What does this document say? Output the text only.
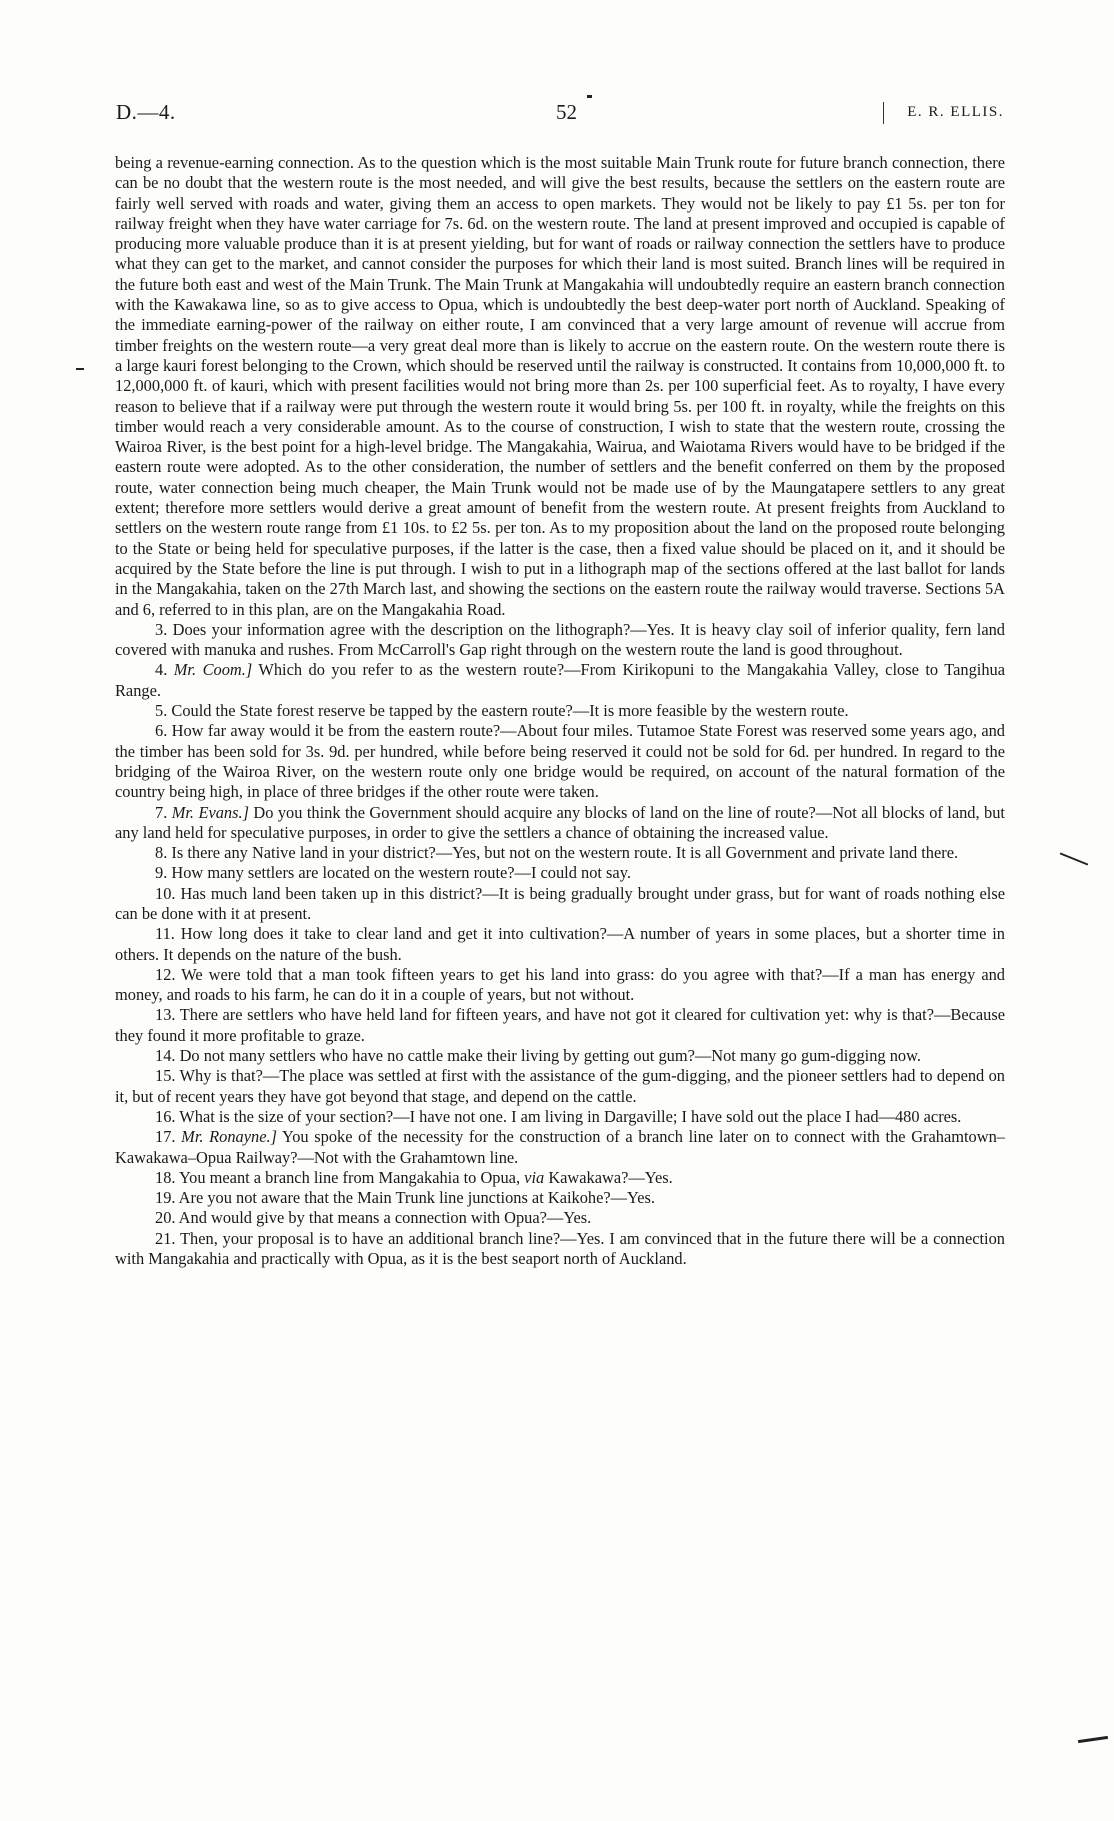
D.—4.	52	E. R. ELLIS.

being a revenue-earning connection. As to the question which is the most suitable Main Trunk route for future branch connection, there can be no doubt that the western route is the most needed, and will give the best results, because the settlers on the eastern route are fairly well served with roads and water, giving them an access to open markets. They would not be likely to pay £1 5s. per ton for railway freight when they have water carriage for 7s. 6d. on the western route. The land at present improved and occupied is capable of producing more valuable produce than it is at present yielding, but for want of roads or railway connection the settlers have to produce what they can get to the market, and cannot consider the purposes for which their land is most suited. Branch lines will be required in the future both east and west of the Main Trunk. The Main Trunk at Mangakahia will undoubtedly require an eastern branch connection with the Kawakawa line, so as to give access to Opua, which is undoubtedly the best deep-water port north of Auckland. Speaking of the immediate earning-power of the railway on either route, I am convinced that a very large amount of revenue will accrue from timber freights on the western route—a very great deal more than is likely to accrue on the eastern route. On the western route there is a large kauri forest belonging to the Crown, which should be reserved until the railway is constructed. It contains from 10,000,000 ft. to 12,000,000 ft. of kauri, which with present facilities would not bring more than 2s. per 100 superficial feet. As to royalty, I have every reason to believe that if a railway were put through the western route it would bring 5s. per 100 ft. in royalty, while the freights on this timber would reach a very considerable amount. As to the course of construction, I wish to state that the western route, crossing the Wairoa River, is the best point for a high-level bridge. The Mangakahia, Wairua, and Waiotama Rivers would have to be bridged if the eastern route were adopted. As to the other consideration, the number of settlers and the benefit conferred on them by the proposed route, water connection being much cheaper, the Main Trunk would not be made use of by the Maungatapere settlers to any great extent; therefore more settlers would derive a great amount of benefit from the western route. At present freights from Auckland to settlers on the western route range from £1 10s. to £2 5s. per ton. As to my proposition about the land on the proposed route belonging to the State or being held for speculative purposes, if the latter is the case, then a fixed value should be placed on it, and it should be acquired by the State before the line is put through. I wish to put in a lithograph map of the sections offered at the last ballot for lands in the Mangakahia, taken on the 27th March last, and showing the sections on the eastern route the railway would traverse. Sections 5A and 6, referred to in this plan, are on the Mangakahia Road.

3. Does your information agree with the description on the lithograph?—Yes. It is heavy clay soil of inferior quality, fern land covered with manuka and rushes. From McCarroll's Gap right through on the western route the land is good throughout.

4. Mr. Coom.] Which do you refer to as the western route?—From Kirikopuni to the Mangakahia Valley, close to Tangihua Range.

5. Could the State forest reserve be tapped by the eastern route?—It is more feasible by the western route.

6. How far away would it be from the eastern route?—About four miles. Tutamoe State Forest was reserved some years ago, and the timber has been sold for 3s. 9d. per hundred, while before being reserved it could not be sold for 6d. per hundred. In regard to the bridging of the Wairoa River, on the western route only one bridge would be required, on account of the natural formation of the country being high, in place of three bridges if the other route were taken.

7. Mr. Evans.] Do you think the Government should acquire any blocks of land on the line of route?—Not all blocks of land, but any land held for speculative purposes, in order to give the settlers a chance of obtaining the increased value.

8. Is there any Native land in your district?—Yes, but not on the western route. It is all Government and private land there.

9. How many settlers are located on the western route?—I could not say.

10. Has much land been taken up in this district?—It is being gradually brought under grass, but for want of roads nothing else can be done with it at present.

11. How long does it take to clear land and get it into cultivation?—A number of years in some places, but a shorter time in others. It depends on the nature of the bush.

12. We were told that a man took fifteen years to get his land into grass: do you agree with that?—If a man has energy and money, and roads to his farm, he can do it in a couple of years, but not without.

13. There are settlers who have held land for fifteen years, and have not got it cleared for cultivation yet: why is that?—Because they found it more profitable to graze.

14. Do not many settlers who have no cattle make their living by getting out gum?—Not many go gum-digging now.

15. Why is that?—The place was settled at first with the assistance of the gum-digging, and the pioneer settlers had to depend on it, but of recent years they have got beyond that stage, and depend on the cattle.

16. What is the size of your section?—I have not one. I am living in Dargaville; I have sold out the place I had—480 acres.

17. Mr. Ronayne.] You spoke of the necessity for the construction of a branch line later on to connect with the Grahamtown–Kawakawa–Opua Railway?—Not with the Grahamtown line.

18. You meant a branch line from Mangakahia to Opua, via Kawakawa?—Yes.

19. Are you not aware that the Main Trunk line junctions at Kaikohe?—Yes.

20. And would give by that means a connection with Opua?—Yes.

21. Then, your proposal is to have an additional branch line?—Yes. I am convinced that in the future there will be a connection with Mangakahia and practically with Opua, as it is the best seaport north of Auckland.
